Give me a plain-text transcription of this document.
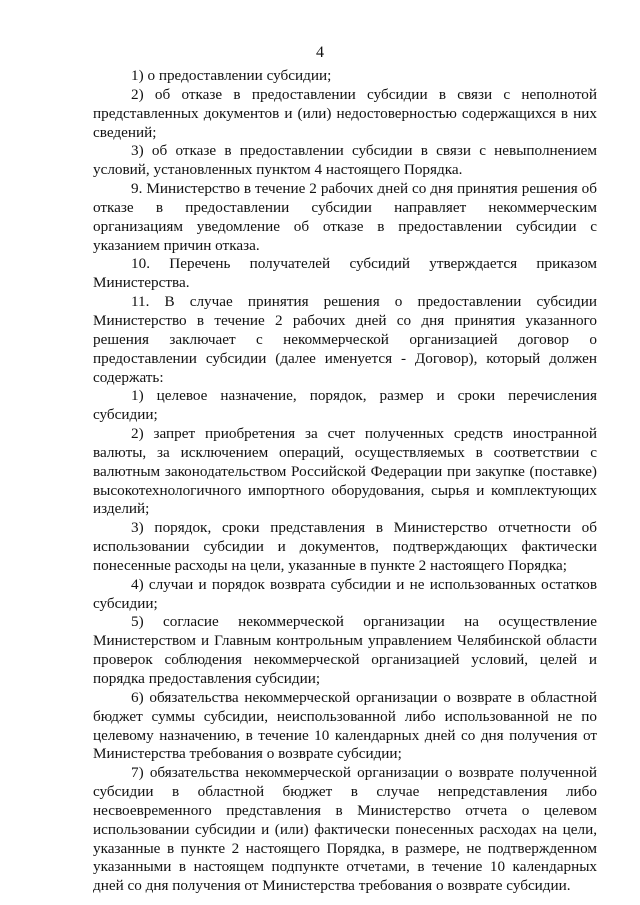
4

1) о предоставлении субсидии;

2) об отказе в предоставлении субсидии в связи с неполнотой представленных документов и (или) недостоверностью содержащихся в них сведений;

3) об отказе в предоставлении субсидии в связи с невыполнением условий, установленных пунктом 4 настоящего Порядка.

9. Министерство в течение 2 рабочих дней со дня принятия решения об отказе в предоставлении субсидии направляет некоммерческим организациям уведомление об отказе в предоставлении субсидии с указанием причин отказа.

10. Перечень получателей субсидий утверждается приказом Министерства.

11. В случае принятия решения о предоставлении субсидии Министерство в течение 2 рабочих дней со дня принятия указанного решения заключает с некоммерческой организацией договор о предоставлении субсидии (далее именуется - Договор), который должен содержать:

1) целевое назначение, порядок, размер и сроки перечисления субсидии;

2) запрет приобретения за счет полученных средств иностранной валюты, за исключением операций, осуществляемых в соответствии с валютным законодательством Российской Федерации при закупке (поставке) высокотехнологичного импортного оборудования, сырья и комплектующих изделий;

3) порядок, сроки представления в Министерство отчетности об использовании субсидии и документов, подтверждающих фактически понесенные расходы на цели, указанные в пункте 2 настоящего Порядка;

4) случаи и порядок возврата субсидии и не использованных остатков субсидии;

5) согласие некоммерческой организации на осуществление Министерством и Главным контрольным управлением Челябинской области проверок соблюдения некоммерческой организацией условий, целей и порядка предоставления субсидии;

6) обязательства некоммерческой организации о возврате в областной бюджет суммы субсидии, неиспользованной либо использованной не по целевому назначению, в течение 10 календарных дней со дня получения от Министерства требования о возврате субсидии;

7) обязательства некоммерческой организации о возврате полученной субсидии в областной бюджет в случае непредставления либо несвоевременного представления в Министерство отчета о целевом использовании субсидии и (или) фактически понесенных расходах на цели, указанные в пункте 2 настоящего Порядка, в размере, не подтвержденном указанными в настоящем подпункте отчетами, в течение 10 календарных дней со дня получения от Министерства требования о возврате субсидии.
